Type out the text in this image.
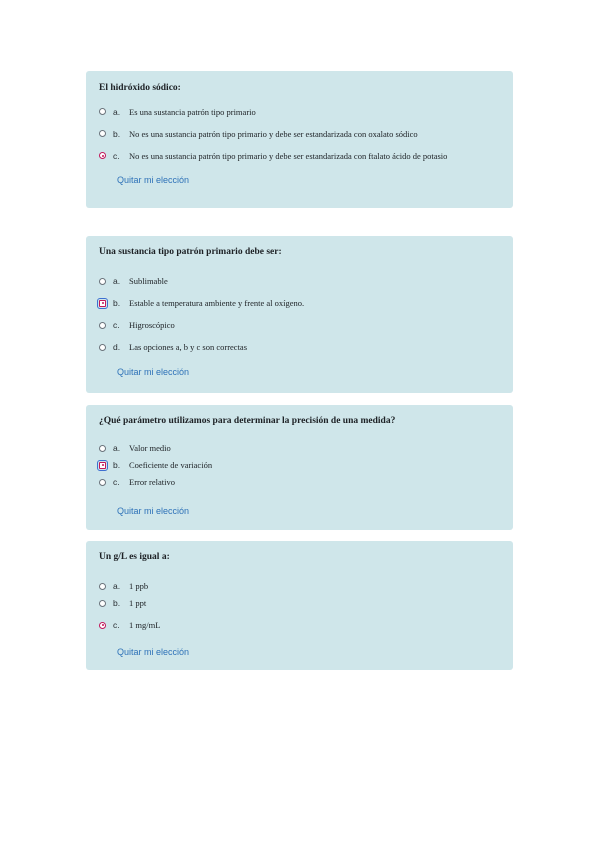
El hidróxido sódico:

a.	Es una sustancia patrón tipo primario
b.	No es una sustancia patrón tipo primario y debe ser estandarizada con oxalato sódico
c.	No es una sustancia patrón tipo primario y debe ser estandarizada con ftalato ácido de potasio
Quitar mi elección

Una sustancia tipo patrón primario debe ser:

a.	Sublimable
b.	Estable a temperatura ambiente y frente al oxígeno.
c.	Higroscópico
d.	Las opciones a, b y c son correctas
Quitar mi elección

¿Qué parámetro utilizamos para determinar la precisión de una medida?

a.	Valor medio
b.	Coeficiente de variación
c.	Error relativo
Quitar mi elección

Un g/L es igual a:

a.	1 ppb
b.	1 ppt
c.	1 mg/mL
Quitar mi elección
